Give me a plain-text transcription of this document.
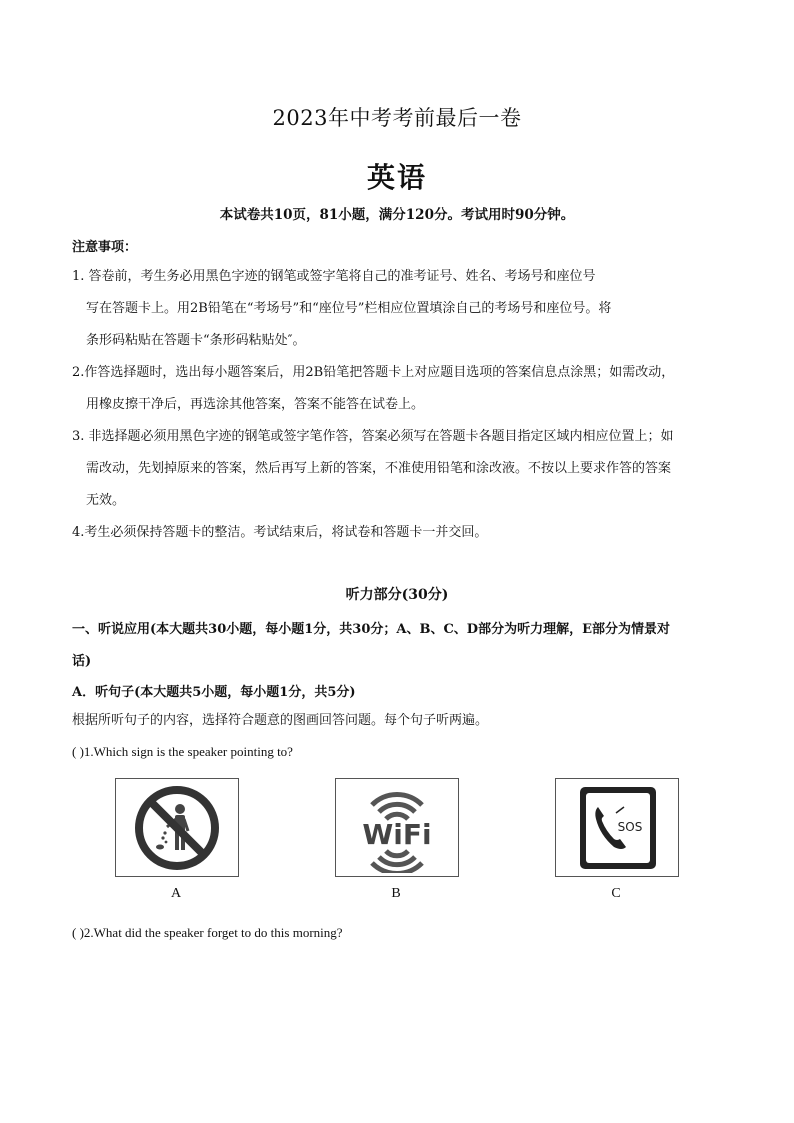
2023年中考考前最后一卷
英语
本试卷共10页，81小题，满分120分。考试用时90分钟。
注意事项：
1. 答卷前，考生务必用黑色字迹的钢笔或签字笔将自己的准考证号、姓名、考场号和座位号
写在答题卡上。用2B铅笔在“考场号”和“座位号”栏相应位置填涂自己的考场号和座位号。将
条形码粘贴在答题卡“条形码粘贴处″。
2.作答选择题时，选出每小题答案后，用2B铅笔把答题卡上对应题目选项的答案信息点涂黑；如需改动，
用橡皮擦干净后，再选涂其他答案，答案不能答在试卷上。
3. 非选择题必须用黑色字迹的钢笔或签字笔作答，答案必须写在答题卡各题目指定区域内相应位置上；如
需改动，先划掉原来的答案，然后再写上新的答案，不准使用铅笔和涂改液。不按以上要求作答的答案
无效。
4.考生必须保持答题卡的整洁。考试结束后，将试卷和答题卡一并交回。
听力部分(30分)
一、听说应用(本大题共30小题，每小题1分，共30分；A、B、C、D部分为听力理解，E部分为情景对
话)
A．听句子(本大题共5小题，每小题1分，共5分)
根据所听句子的内容，选择符合题意的图画回答问题。每个句子听两遍。
( )1.Which sign is the speaker pointing to?
A
WiFi
B
SOS
C
( )2.What did the speaker forget to do this morning?
